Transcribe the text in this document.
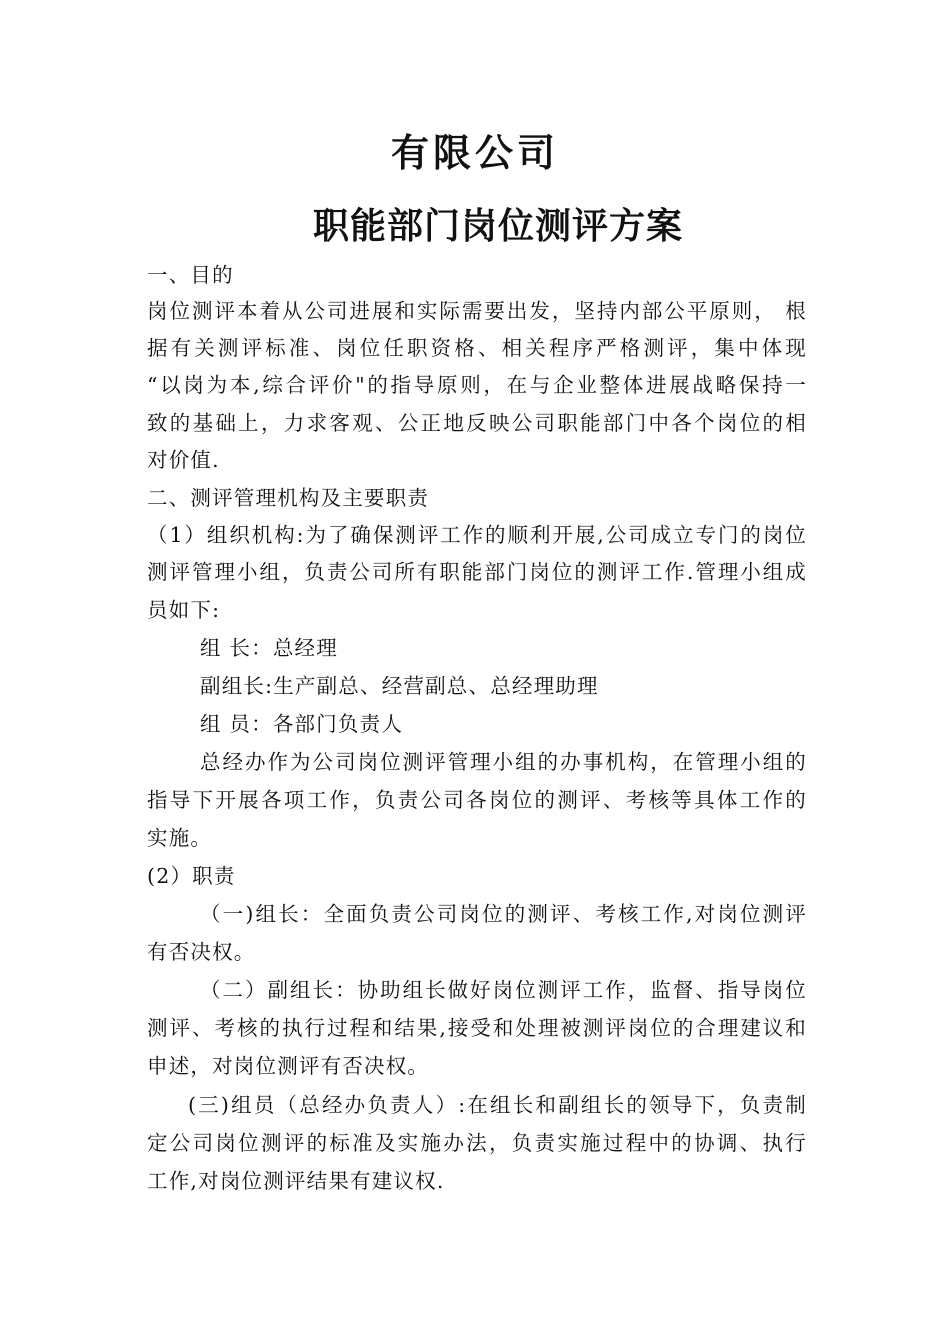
有限公司
职能部门岗位测评方案
一、目的
岗位测评本着从公司进展和实际需要出发，坚持内部公平原则， 根
据有关测评标准、岗位任职资格、相关程序严格测评，集中体现
“以岗为本,综合评价"的指导原则，在与企业整体进展战略保持一
致的基础上，力求客观、公正地反映公司职能部门中各个岗位的相
对价值.
二、测评管理机构及主要职责
（1）组织机构:为了确保测评工作的顺利开展,公司成立专门的岗位
测评管理小组，负责公司所有职能部门岗位的测评工作.管理小组成
员如下:
组 长：总经理
副组长:生产副总、经营副总、总经理助理
组 员：各部门负责人
总经办作为公司岗位测评管理小组的办事机构，在管理小组的
指导下开展各项工作，负责公司各岗位的测评、考核等具体工作的
实施。
(2）职责
（一)组长：全面负责公司岗位的测评、考核工作,对岗位测评
有否决权。
（二）副组长：协助组长做好岗位测评工作，监督、指导岗位
测评、考核的执行过程和结果,接受和处理被测评岗位的合理建议和
申述，对岗位测评有否决权。
(三)组员（总经办负责人）:在组长和副组长的领导下，负责制
定公司岗位测评的标准及实施办法，负责实施过程中的协调、执行
工作,对岗位测评结果有建议权.
